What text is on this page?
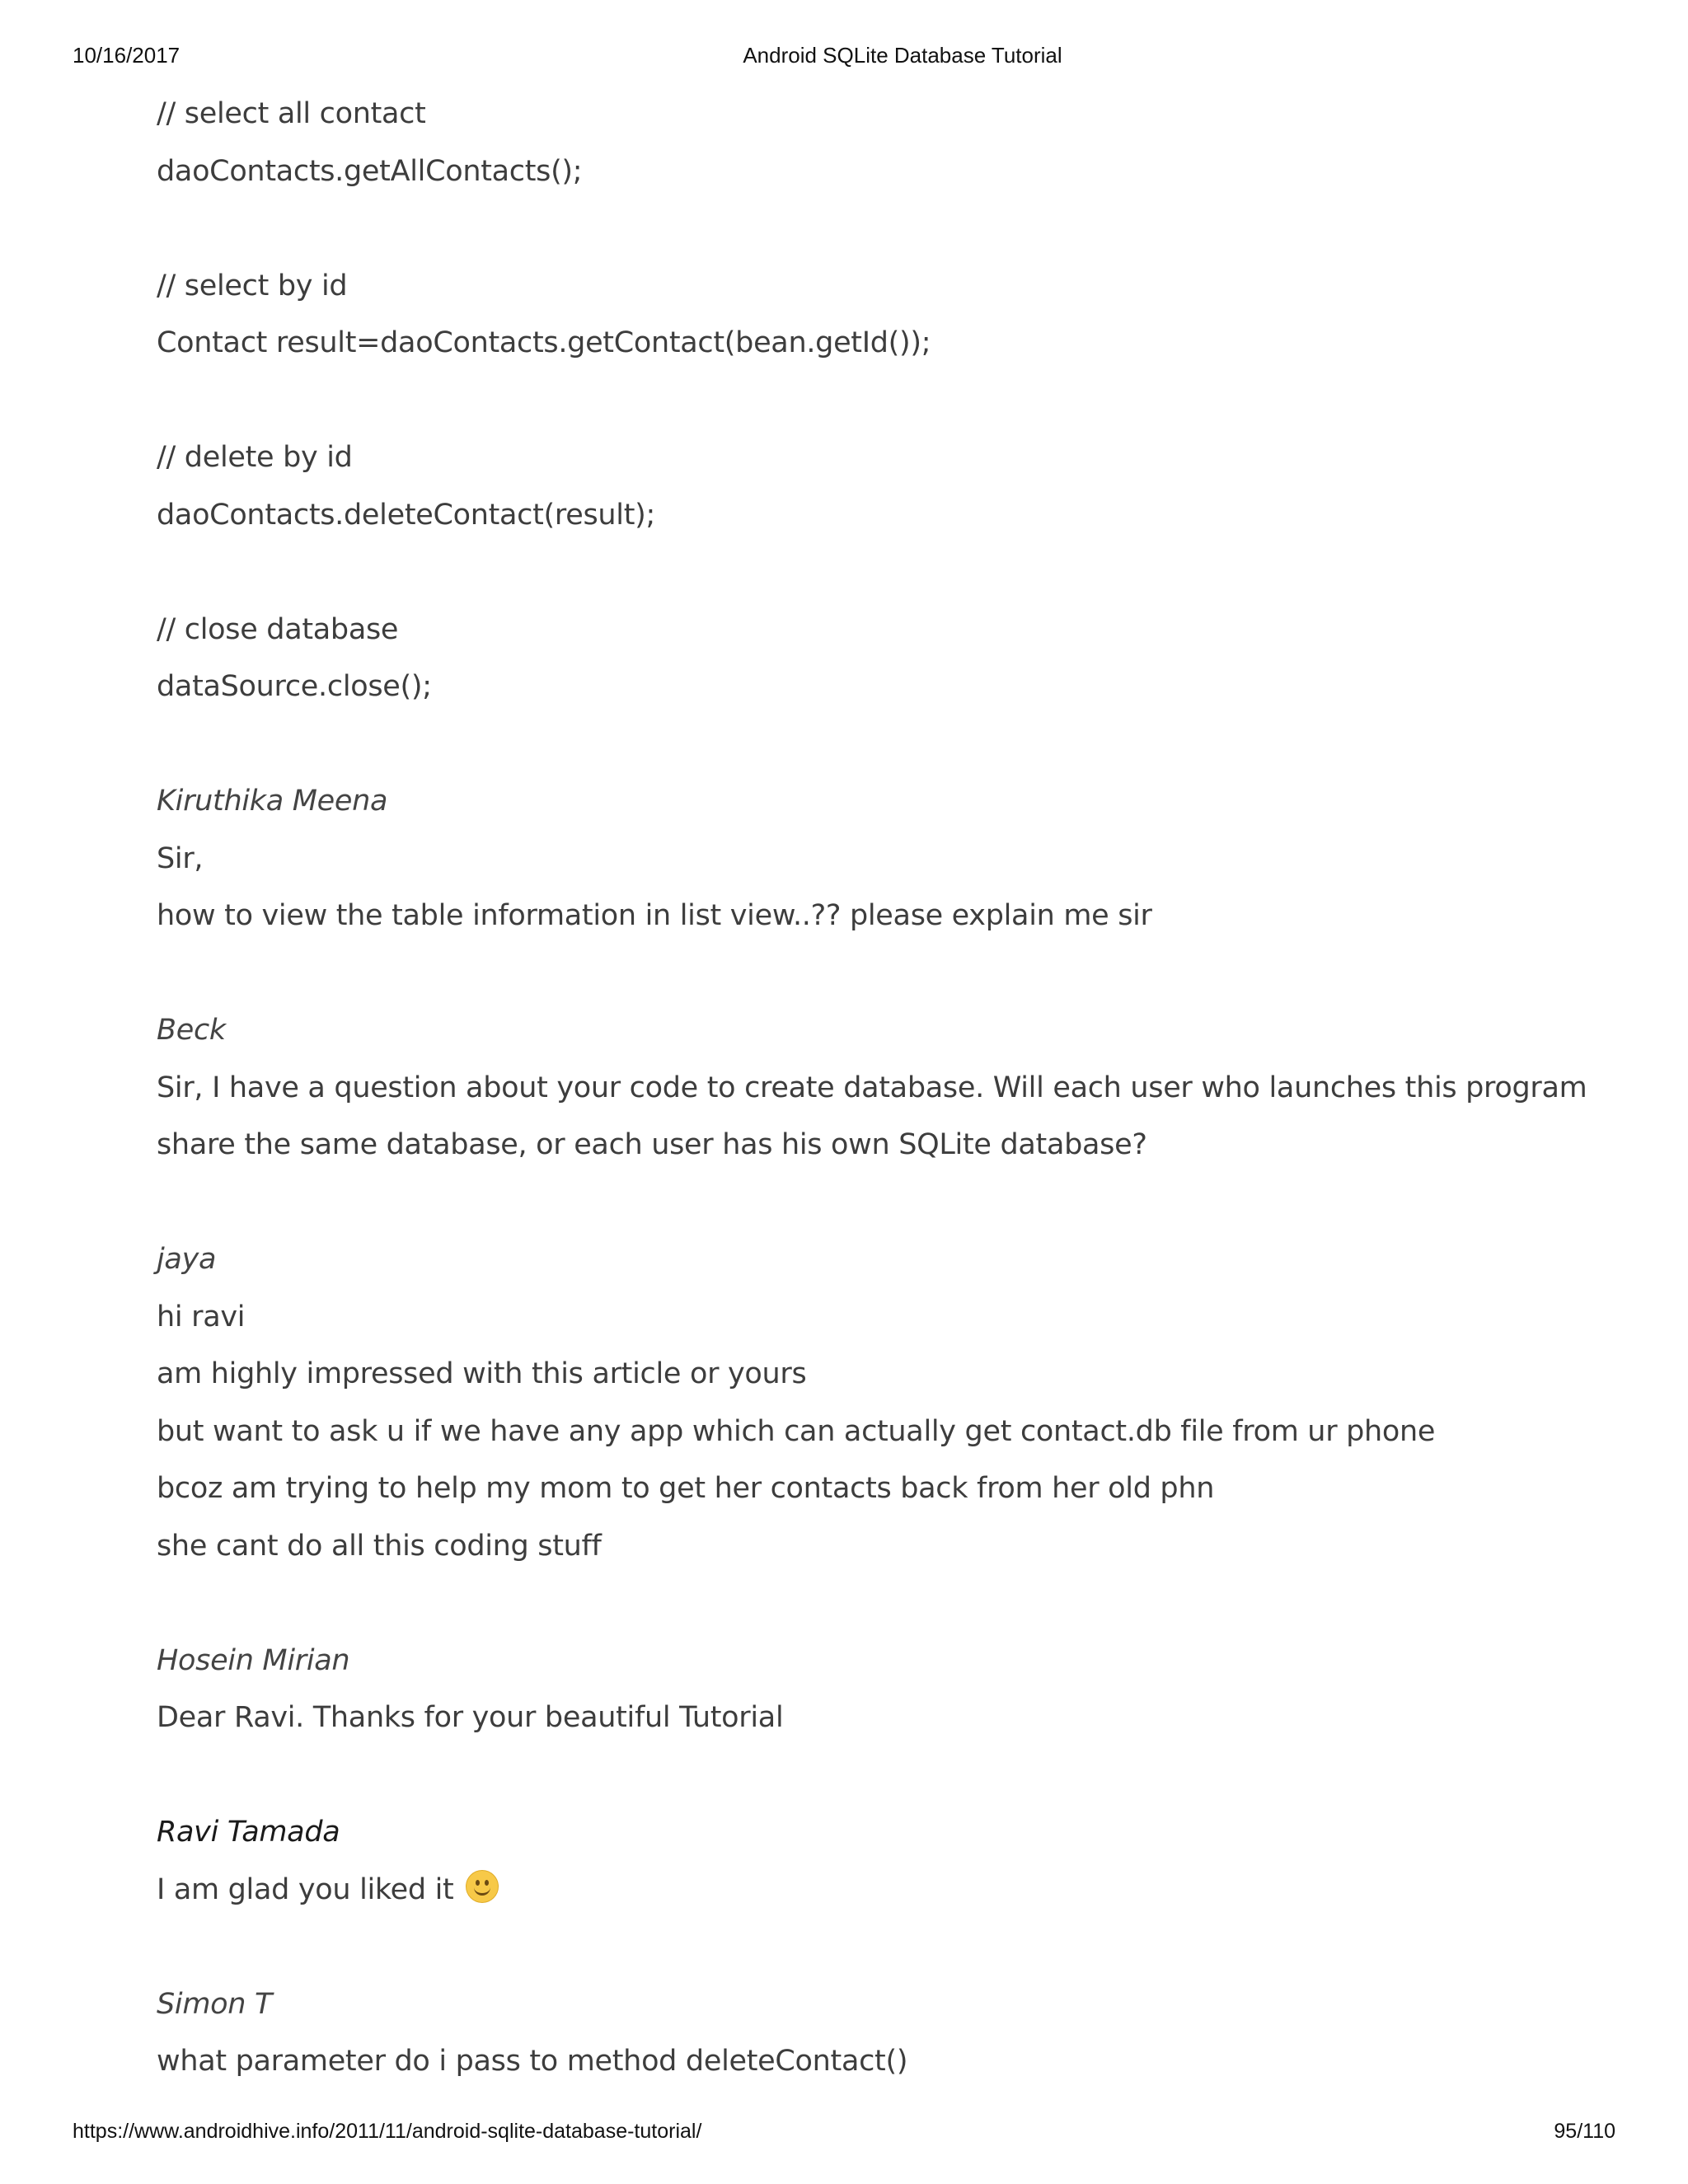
10/16/2017	Android SQLite Database Tutorial
// select all contact
daoContacts.getAllContacts();
// select by id
Contact result=daoContacts.getContact(bean.getId());
// delete by id
daoContacts.deleteContact(result);
// close database
dataSource.close();
Kiruthika Meena
Sir,
how to view the table information in list view..?? please explain me sir
Beck
Sir, I have a question about your code to create database. Will each user who launches this program
share the same database, or each user has his own SQLite database?
jaya
hi ravi
am highly impressed with this article or yours
but want to ask u if we have any app which can actually get contact.db file from ur phone
bcoz am trying to help my mom to get her contacts back from her old phn
she cant do all this coding stuff
Hosein Mirian
Dear Ravi. Thanks for your beautiful Tutorial
Ravi Tamada
I am glad you liked it
Simon T
what parameter do i pass to method deleteContact()
https://www.androidhive.info/2011/11/android-sqlite-database-tutorial/	95/110
